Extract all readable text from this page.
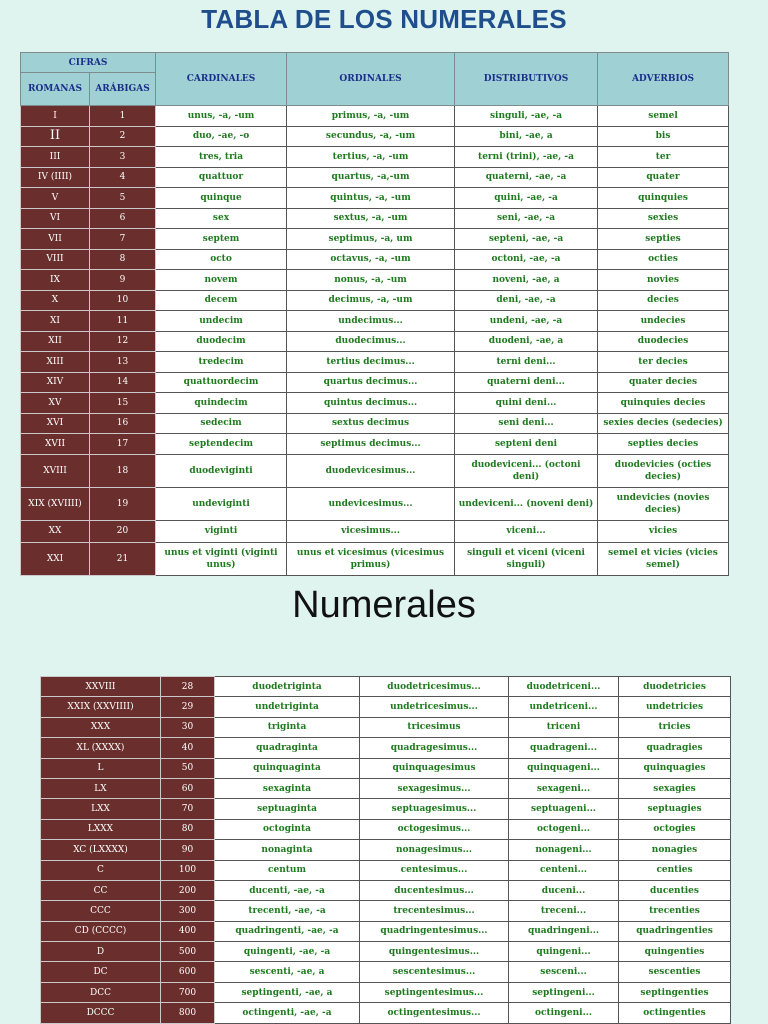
TABLA DE LOS NUMERALES
CIFRAS		CARDINALES	ORDINALES	DISTRIBUTIVOS	ADVERBIOS
ROMANAS	ARÁBIGAS				
I	1	unus, -a, -um	primus, -a, -um	singuli, -ae, -a	semel
II	2	duo, -ae, -o	secundus, -a, -um	bini, -ae, a	bis
III	3	tres, tria	tertius, -a, -um	terni (trini), -ae, -a	ter
IV (IIII)	4	quattuor	quartus, -a,-um	quaterni, -ae, -a	quater
V	5	quinque	quintus, -a, -um	quini, -ae, -a	quinquies
VI	6	sex	sextus, -a, -um	seni, -ae, -a	sexies
VII	7	septem	septimus, -a, um	septeni, -ae, -a	septies
VIII	8	octo	octavus, -a, -um	octoni, -ae, -a	octies
IX	9	novem	nonus, -a, -um	noveni, -ae, a	novies
X	10	decem	decimus, -a, -um	deni, -ae, -a	decies
XI	11	undecim	undecimus...	undeni, -ae, -a	undecies
XII	12	duodecim	duodecimus...	duodeni, -ae, a	duodecies
XIII	13	tredecim	tertius decimus...	terni deni...	ter decies
XIV	14	quattuordecim	quartus decimus...	quaterni deni...	quater decies
XV	15	quindecim	quintus decimus...	quini deni...	quinquies decies
XVI	16	sedecim	sextus decimus	seni deni...	sexies decies (sedecies)
XVII	17	septendecim	septimus decimus...	septeni deni	septies decies
XVIII	18	duodeviginti	duodevicesimus...	duodeviceni... (octoni deni)	duodevicies (octies decies)
XIX (XVIIII)	19	undeviginti	undevicesimus...	undeviceni... (noveni deni)	undevicies (novies decies)
XX	20	viginti	vicesimus...	viceni...	vicies
XXI	21	unus et viginti (viginti unus)	unus et vicesimus (vicesimus primus)	singuli et viceni (viceni singuli)	semel et vicies (vicies semel)
Numerales
XXVIII	28	duodetriginta	duodetricesimus...	duodetriceni...	duodetricies
XXIX (XXVIIII)	29	undetriginta	undetricesimus...	undetriceni...	undetricies
XXX	30	triginta	tricesimus	triceni	tricies
XL (XXXX)	40	quadraginta	quadragesimus...	quadrageni...	quadragies
L	50	quinquaginta	quinquagesimus	quinquageni...	quinquagies
LX	60	sexaginta	sexagesimus...	sexageni...	sexagies
LXX	70	septuaginta	septuagesimus...	septuageni...	septuagies
LXXX	80	octoginta	octogesimus...	octogeni...	octogies
XC (LXXXX)	90	nonaginta	nonagesimus...	nonageni...	nonagies
C	100	centum	centesimus...	centeni...	centies
CC	200	ducenti, -ae, -a	ducentesimus...	duceni...	ducenties
CCC	300	trecenti, -ae, -a	trecentesimus...	treceni...	trecenties
CD (CCCC)	400	quadringenti, -ae, -a	quadringentesimus...	quadringeni...	quadringenties
D	500	quingenti, -ae, -a	quingentesimus...	quingeni...	quingenties
DC	600	sescenti, -ae, a	sescentesimus...	sesceni...	sescenties
DCC	700	septingenti, -ae, a	septingentesimus...	septingeni...	septingenties
DCCC	800	octingenti, -ae, -a	octingentesimus...	octingeni...	octingenties
